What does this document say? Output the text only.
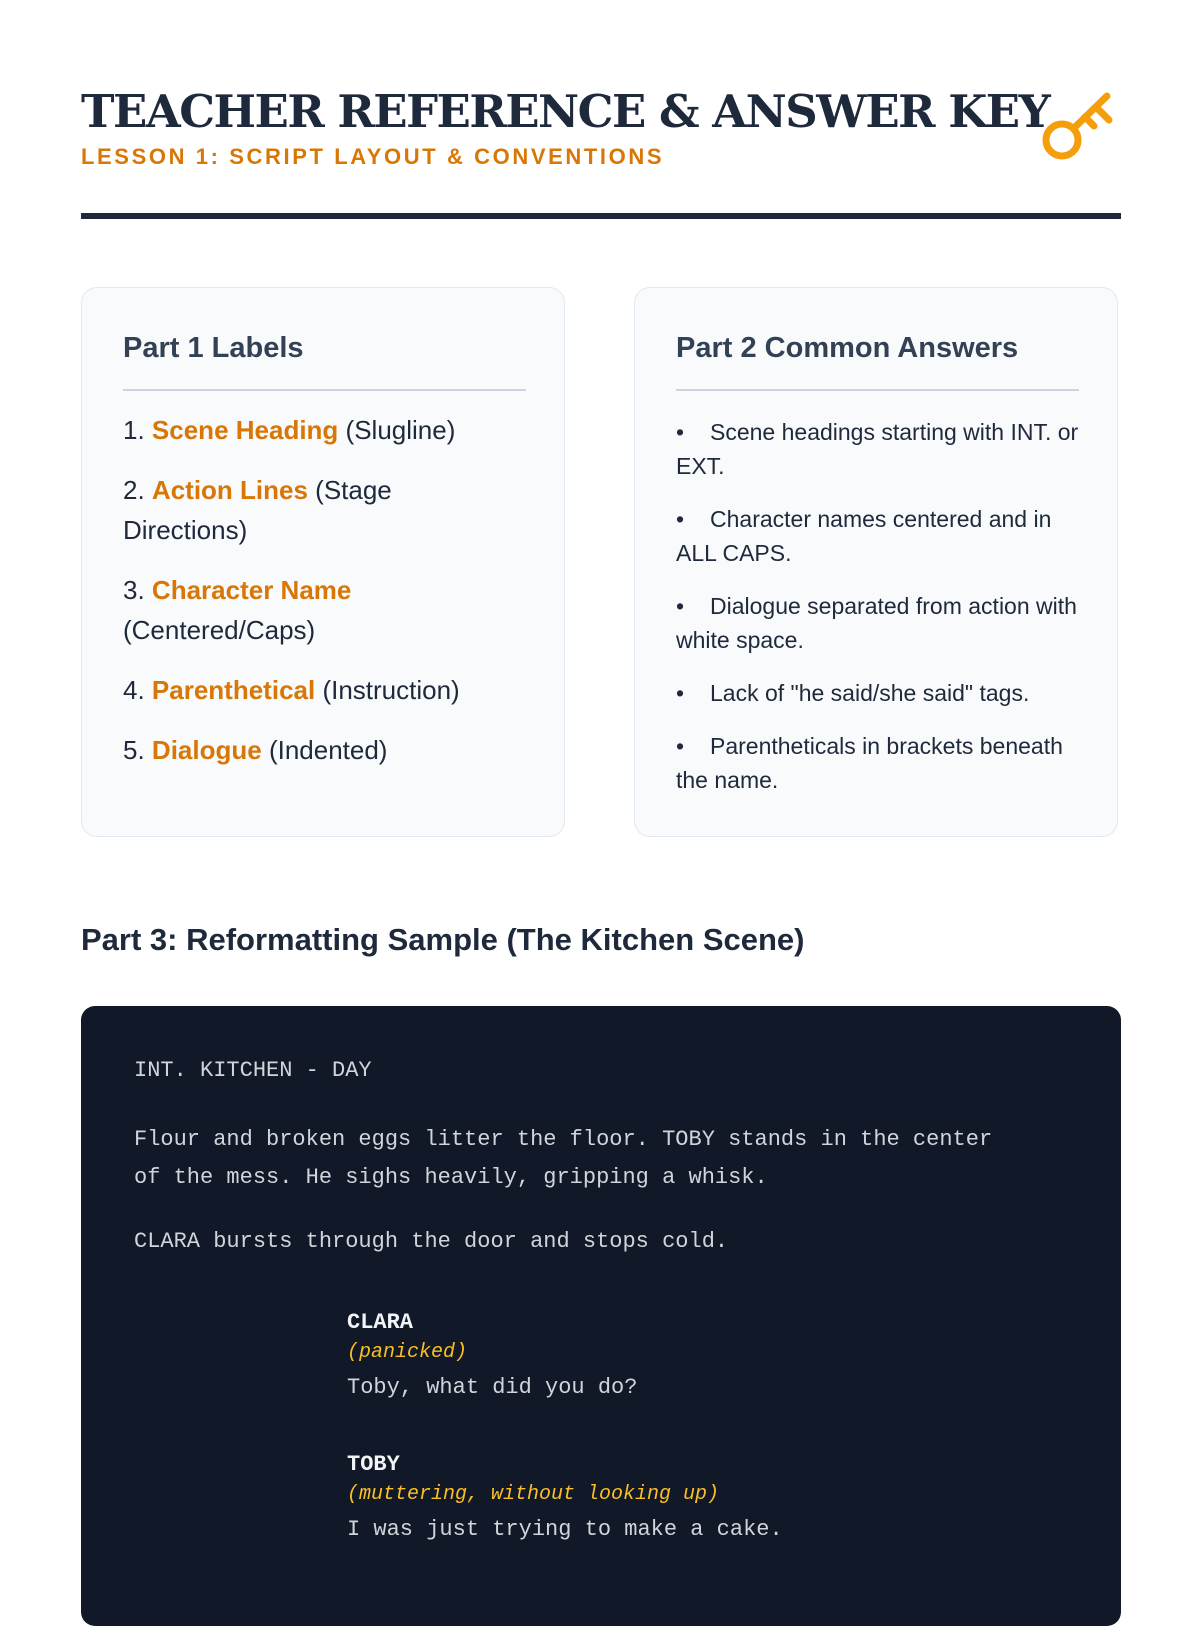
TEACHER REFERENCE & ANSWER KEY
LESSON 1: SCRIPT LAYOUT & CONVENTIONS
Part 1 Labels
1. Scene Heading (Slugline)
2. Action Lines (Stage Directions)
3. Character Name (Centered/Caps)
4. Parenthetical (Instruction)
5. Dialogue (Indented)
Part 2 Common Answers
• Scene headings starting with INT. or EXT.
• Character names centered and in ALL CAPS.
• Dialogue separated from action with white space.
• Lack of "he said/she said" tags.
• Parentheticals in brackets beneath the name.
Part 3: Reformatting Sample (The Kitchen Scene)

INT. KITCHEN - DAY

Flour and broken eggs litter the floor. TOBY stands in the center

of the mess. He sighs heavily, gripping a whisk.

CLARA bursts through the door and stops cold.

CLARA
(panicked)
Toby, what did you do?
TOBY
(muttering, without looking up)
I was just trying to make a cake.
